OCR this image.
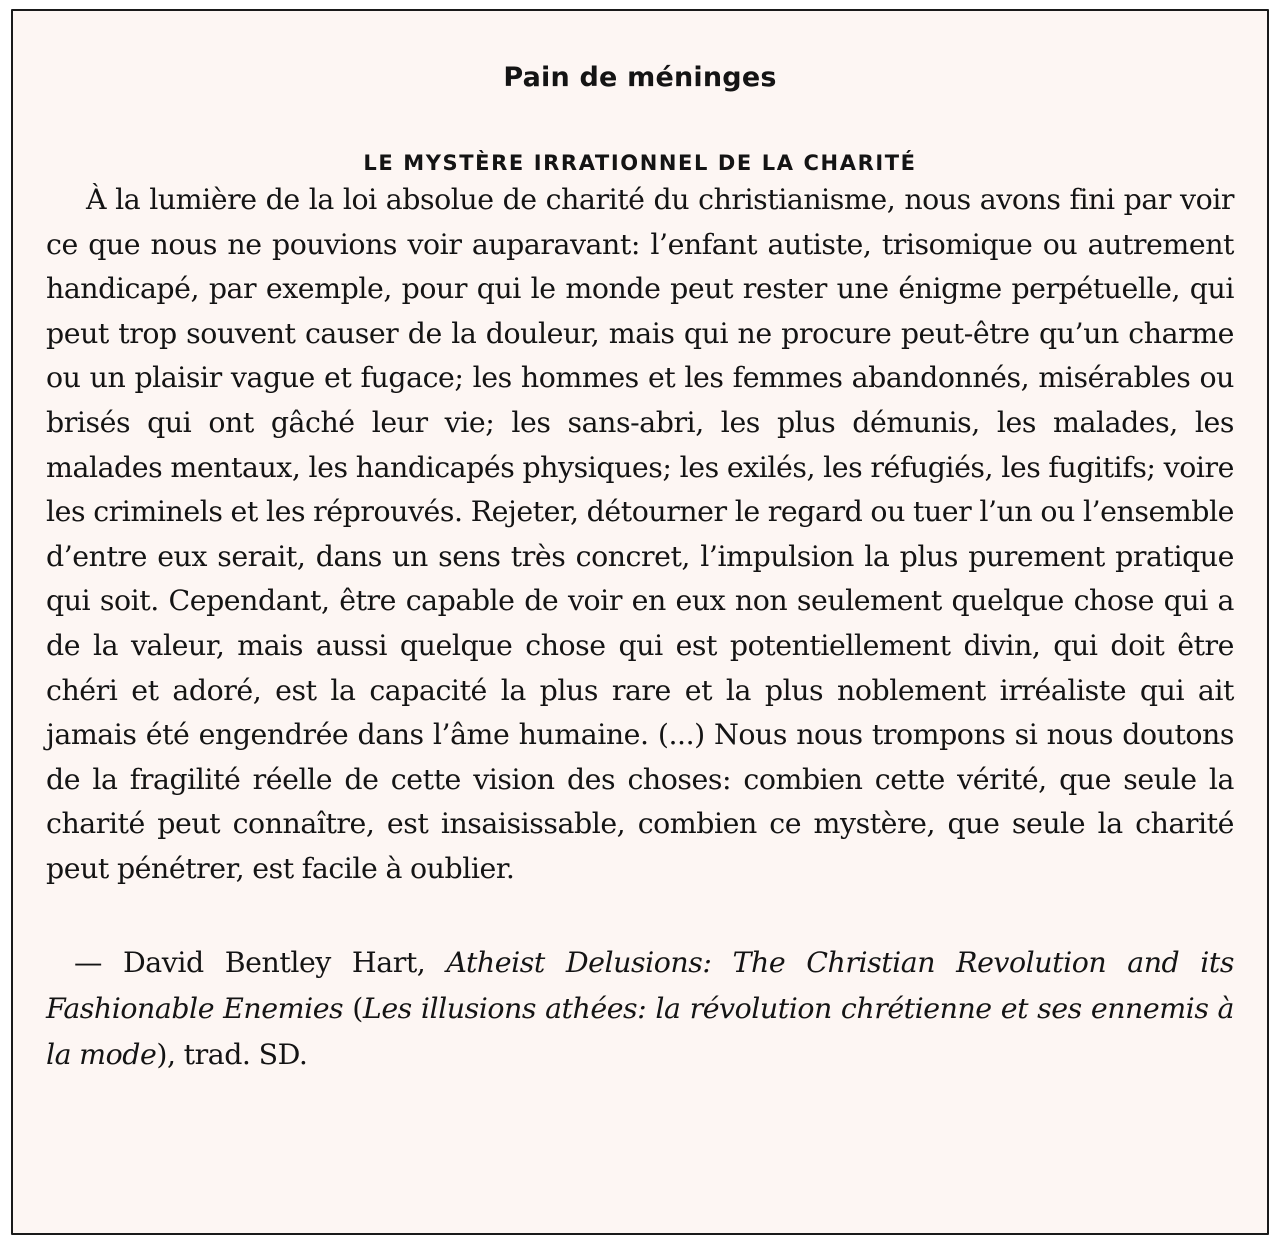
Pain de méninges
LE MYSTÈRE IRRATIONNEL DE LA CHARITÉ

À la lumière de la loi absolue de charité du christianisme, nous avons fini par voir ce que nous ne pouvions voir auparavant: l’enfant autiste, trisomique ou autrement handicapé, par exemple, pour qui le monde peut rester une énigme perpétuelle, qui peut trop souvent causer de la douleur, mais qui ne procure peut-être qu’un charme ou un plaisir vague et fugace; les hommes et les femmes abandonnés, misérables ou brisés qui ont gâché leur vie; les sans-abri, les plus démunis, les malades, les malades mentaux, les handicapés physiques; les exilés, les réfugiés, les fugitifs; voire les criminels et les réprouvés. Rejeter, détourner le regard ou tuer l’un ou l’ensemble d’entre eux serait, dans un sens très concret, l’impulsion la plus purement pratique qui soit. Cependant, être capable de voir en eux non seulement quelque chose qui a de la valeur, mais aussi quelque chose qui est potentiellement divin, qui doit être chéri et adoré, est la capacité la plus rare et la plus noblement irréaliste qui ait jamais été engendrée dans l’âme humaine. (...) Nous nous trompons si nous doutons de la fragilité réelle de cette vision des choses: combien cette vérité, que seule la charité peut connaître, est insaisissable, combien ce mystère, que seule la charité peut pénétrer, est facile à oublier.

— David Bentley Hart, Atheist Delusions: The Christian Revolution and its Fashionable Enemies (Les illusions athées: la révolution chrétienne et ses ennemis à la mode), trad. SD.
